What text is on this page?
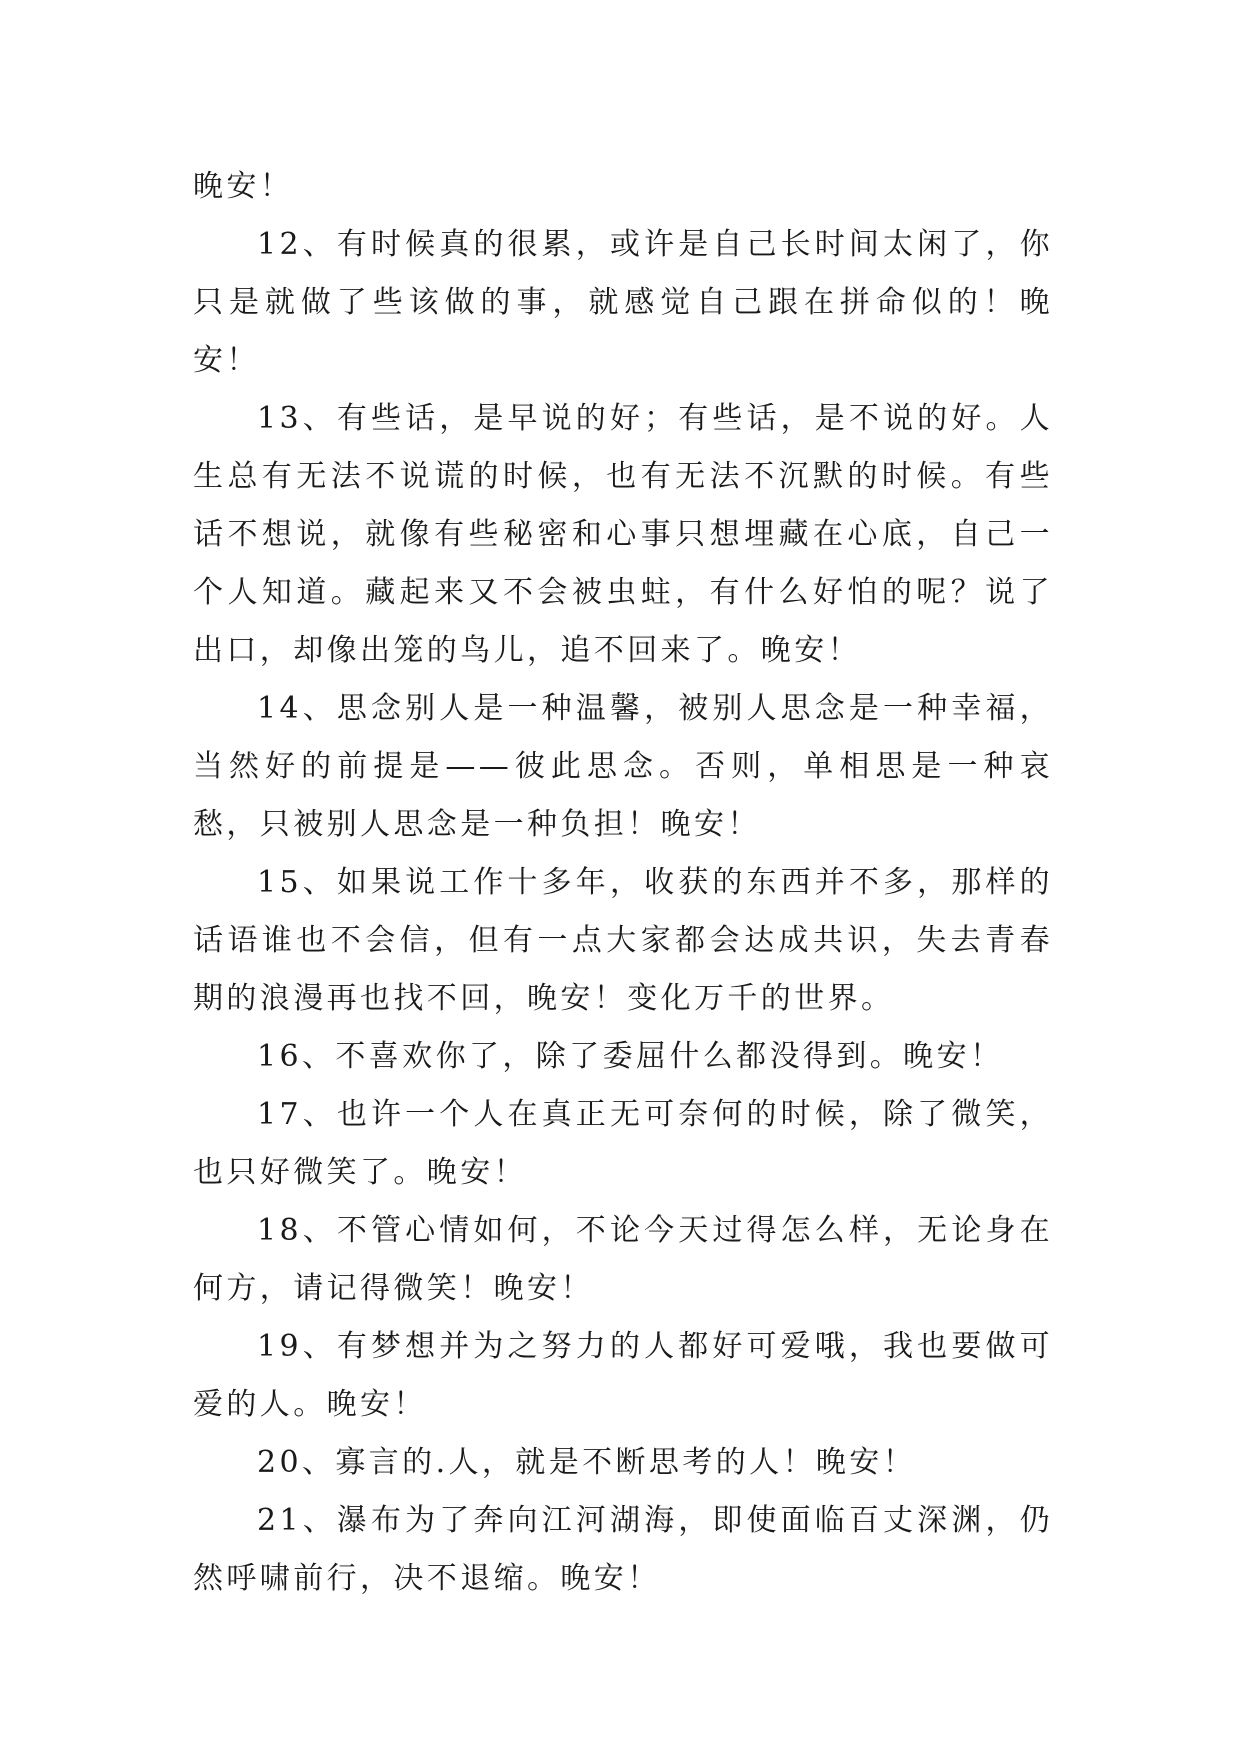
晚安！

12、有时候真的很累，或许是自己长时间太闲了，你只是就做了些该做的事，就感觉自己跟在拼命似的！晚安！

13、有些话，是早说的好；有些话，是不说的好。人生总有无法不说谎的时候，也有无法不沉默的时候。有些话不想说，就像有些秘密和心事只想埋藏在心底，自己一个人知道。藏起来又不会被虫蛀，有什么好怕的呢？说了出口，却像出笼的鸟儿，追不回来了。晚安！

14、思念别人是一种温馨，被别人思念是一种幸福，当然好的前提是——彼此思念。否则，单相思是一种哀愁，只被别人思念是一种负担！晚安！

15、如果说工作十多年，收获的东西并不多，那样的话语谁也不会信，但有一点大家都会达成共识，失去青春期的浪漫再也找不回，晚安！变化万千的世界。

16、不喜欢你了，除了委屈什么都没得到。晚安！

17、也许一个人在真正无可奈何的时候，除了微笑，也只好微笑了。晚安！

18、不管心情如何，不论今天过得怎么样，无论身在何方，请记得微笑！晚安！

19、有梦想并为之努力的人都好可爱哦，我也要做可爱的人。晚安！

20、寡言的.人，就是不断思考的人！晚安！

21、瀑布为了奔向江河湖海，即使面临百丈深渊，仍然呼啸前行，决不退缩。晚安！
